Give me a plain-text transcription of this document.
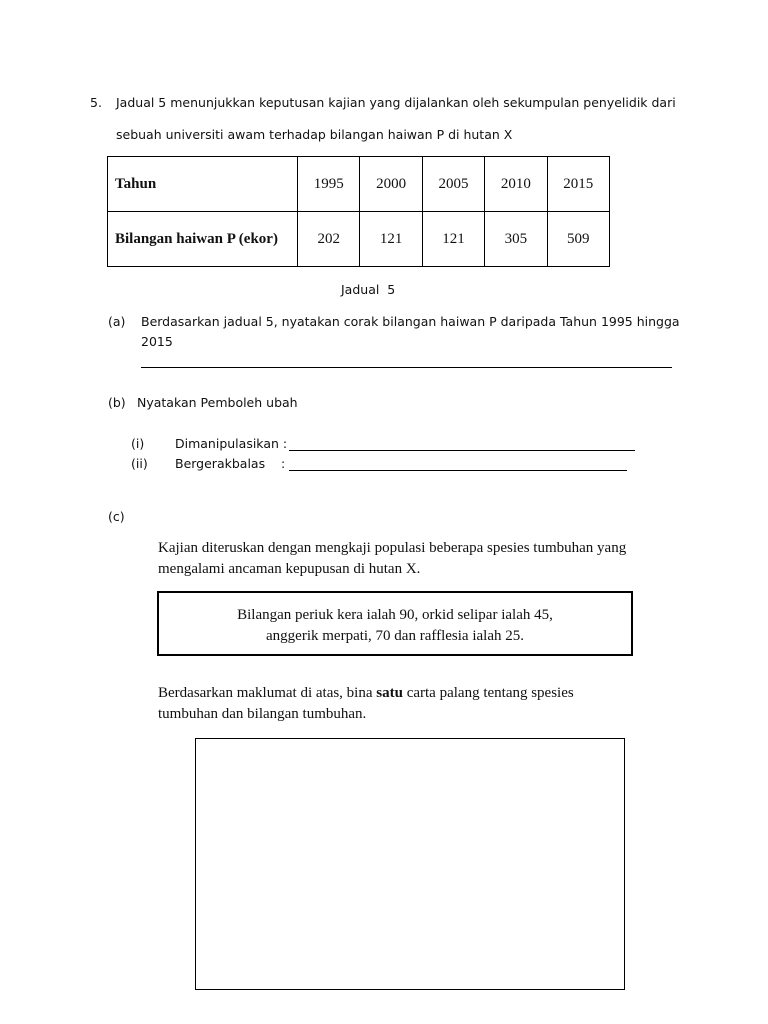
5. Jadual 5 menunjukkan keputusan kajian yang dijalankan oleh sekumpulan penyelidik dari
sebuah universiti awam terhadap bilangan haiwan P di hutan X
Tahun	1995	2000	2005	2010	2015
Bilangan haiwan P (ekor)	202	121	121	305	509
Jadual  5
(a) Berdasarkan jadual 5, nyatakan corak bilangan haiwan P daripada Tahun 1995 hingga
2015
(b) Nyatakan Pemboleh ubah
(i) Dimanipulasikan :
(ii) Bergerakbalas    :
(c)
Kajian diteruskan dengan mengkaji populasi beberapa spesies tumbuhan yang
mengalami ancaman kepupusan di hutan X.
Bilangan periuk kera ialah 90, orkid selipar ialah 45,
anggerik merpati, 70 dan rafflesia ialah 25.
Berdasarkan maklumat di atas, bina satu carta palang tentang spesies
tumbuhan dan bilangan tumbuhan.
